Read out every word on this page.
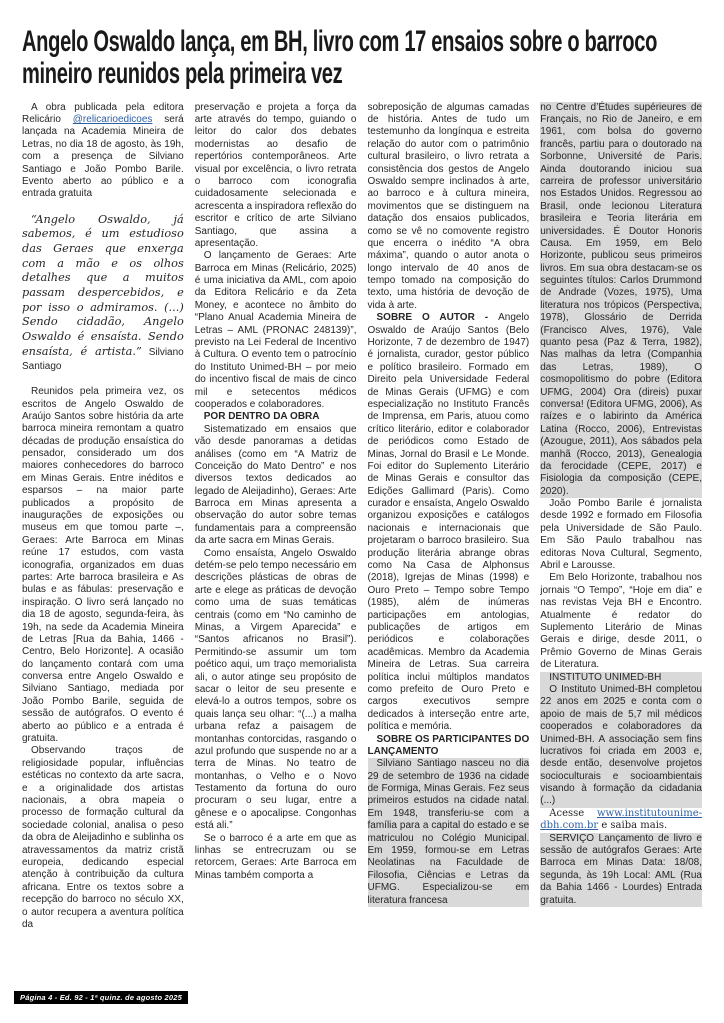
Angelo Oswaldo lança, em BH, livro com 17 ensaios sobre o barroco mineiro reunidos pela primeira vez

A obra publicada pela editora Relicário @relicarioedicoes será lançada na Academia Mineira de Letras, no dia 18 de agosto, às 19h, com a presença de Silviano Santiago e João Pombo Barile. Evento aberto ao público e a entrada gratuita

“Angelo Oswaldo, já sabemos, é um estudioso das Geraes que enxerga com a mão e os olhos detalhes que a muitos passam despercebidos, e por isso o admiramos. (...) Sendo cidadão, Angelo Oswaldo é ensaísta. Sendo ensaísta, é artista.” Silviano Santiago

Reunidos pela primeira vez, os escritos de Angelo Oswaldo de Araújo Santos sobre história da arte barroca mineira remontam a quatro décadas de produção ensaística do pensador, considerado um dos maiores conhecedores do barroco em Minas Gerais. Entre inéditos e esparsos – na maior parte publicados a propósito de inaugurações de exposições ou museus em que tomou parte –, Geraes: Arte Barroca em Minas reúne 17 estudos, com vasta iconografia, organizados em duas partes: Arte barroca brasileira e As bulas e as fábulas: preservação e inspiração. O livro será lançado no dia 18 de agosto, segunda-feira, às 19h, na sede da Academia Mineira de Letras [Rua da Bahia, 1466 - Centro, Belo Horizonte]. A ocasião do lançamento contará com uma conversa entre Angelo Oswaldo e Silviano Santiago, mediada por João Pombo Barile, seguida de sessão de autógrafos. O evento é aberto ao público e a entrada é gratuita.

Observando traços de religiosidade popular, influências estéticas no contexto da arte sacra, e a originalidade dos artistas nacionais, a obra mapeia o processo de formação cultural da sociedade colonial, analisa o peso da obra de Aleijadinho e sublinha os atravessamentos da matriz cristã europeia, dedicando especial atenção à contribuição da cultura africana. Entre os textos sobre a recepção do barroco no século XX, o autor recupera a aventura política da

preservação e projeta a força da arte através do tempo, guiando o leitor do calor dos debates modernistas ao desafio de repertórios contemporâneos. Arte visual por excelência, o livro retrata o barroco com iconografia cuidadosamente selecionada e acrescenta a inspiradora reflexão do escritor e crítico de arte Silviano Santiago, que assina a apresentação.

O lançamento de Geraes: Arte Barroca em Minas (Relicário, 2025) é uma iniciativa da AML, com apoio da Editora Relicário e da Zeta Money, e acontece no âmbito do “Plano Anual Academia Mineira de Letras – AML (PRONAC 248139)”, previsto na Lei Federal de Incentivo à Cultura. O evento tem o patrocínio do Instituto Unimed-BH – por meio do incentivo fiscal de mais de cinco mil e setecentos médicos cooperados e colaboradores.

POR DENTRO DA OBRA

Sistematizado em ensaios que vão desde panoramas a detidas análises (como em “A Matriz de Conceição do Mato Dentro” e nos diversos textos dedicados ao legado de Aleijadinho), Geraes: Arte Barroca em Minas apresenta a observação do autor sobre temas fundamentais para a compreensão da arte sacra em Minas Gerais.

Como ensaísta, Angelo Oswaldo detém-se pelo tempo necessário em descrições plásticas de obras de arte e elege as práticas de devoção como uma de suas temáticas centrais (como em “No caminho de Minas, a Virgem Aparecida” e “Santos africanos no Brasil”). Permitindo-se assumir um tom poético aqui, um traço memorialista ali, o autor atinge seu propósito de sacar o leitor de seu presente e elevá-lo a outros tempos, sobre os quais lança seu olhar: “(...) a malha urbana refaz a paisagem de montanhas contorcidas, rasgando o azul profundo que suspende no ar a terra de Minas. No teatro de montanhas, o Velho e o Novo Testamento da fortuna do ouro procuram o seu lugar, entre a gênese e o apocalipse. Congonhas está ali.”

Se o barroco é a arte em que as linhas se entrecruzam ou se retorcem, Geraes: Arte Barroca em Minas também comporta a

sobreposição de algumas camadas de história. Antes de tudo um testemunho da longínqua e estreita relação do autor com o patrimônio cultural brasileiro, o livro retrata a consistência dos gestos de Angelo Oswaldo sempre inclinados à arte, ao barroco e à cultura mineira, movimentos que se distinguem na datação dos ensaios publicados, como se vê no comovente registro que encerra o inédito “A obra máxima”, quando o autor anota o longo intervalo de 40 anos de tempo tomado na composição do texto, uma história de devoção de vida à arte.

SOBRE O AUTOR - Angelo Oswaldo de Araújo Santos (Belo Horizonte, 7 de dezembro de 1947) é jornalista, curador, gestor público e político brasileiro. Formado em Direito pela Universidade Federal de Minas Gerais (UFMG) e com especialização no Instituto Francês de Imprensa, em Paris, atuou como crítico literário, editor e colaborador de periódicos como Estado de Minas, Jornal do Brasil e Le Monde. Foi editor do Suplemento Literário de Minas Gerais e consultor das Edições Gallimard (Paris). Como curador e ensaísta, Angelo Oswaldo organizou exposições e catálogos nacionais e internacionais que projetaram o barroco brasileiro. Sua produção literária abrange obras como Na Casa de Alphonsus (2018), Igrejas de Minas (1998) e Ouro Preto – Tempo sobre Tempo (1985), além de inúmeras participações em antologias, publicações de artigos em periódicos e colaborações acadêmicas. Membro da Academia Mineira de Letras. Sua carreira política inclui múltiplos mandatos como prefeito de Ouro Preto e cargos executivos sempre dedicados à interseção entre arte, política e memória.

SOBRE OS PARTICIPANTES DO LANÇAMENTO

Silviano Santiago nasceu no dia 29 de setembro de 1936 na cidade de Formiga, Minas Gerais. Fez seus primeiros estudos na cidade natal. Em 1948, transferiu-se com a família para a capital do estado e se matriculou no Colégio Municipal. Em 1959, formou-se em Letras Neolatinas na Faculdade de Filosofia, Ciências e Letras da UFMG. Especializou-se em literatura francesa

no Centre d’Études supérieures de Français, no Rio de Janeiro, e em 1961, com bolsa do governo francês, partiu para o doutorado na Sorbonne, Université de Paris. Ainda doutorando iniciou sua carreira de professor universitário nos Estados Unidos. Regressou ao Brasil, onde lecionou Literatura brasileira e Teoria literária em universidades. É Doutor Honoris Causa. Em 1959, em Belo Horizonte, publicou seus primeiros livros. Em sua obra destacam-se os seguintes títulos: Carlos Drummond de Andrade (Vozes, 1975), Uma literatura nos trópicos (Perspectiva, 1978), Glossário de Derrida (Francisco Alves, 1976), Vale quanto pesa (Paz & Terra, 1982), Nas malhas da letra (Companhia das Letras, 1989), O cosmopolitismo do pobre (Editora UFMG, 2004) Ora (direis) puxar conversa! (Editora UFMG, 2006), As raízes e o labirinto da América Latina (Rocco, 2006), Entrevistas (Azougue, 2011), Aos sábados pela manhã (Rocco, 2013), Genealogia da ferocidade (CEPE, 2017) e Fisiologia da composição (CEPE, 2020).

João Pombo Barile é jornalista desde 1992 e formado em Filosofia pela Universidade de São Paulo. Em São Paulo trabalhou nas editoras Nova Cultural, Segmento, Abril e Larousse.

Em Belo Horizonte, trabalhou nos jornais “O Tempo”, “Hoje em dia” e nas revistas Veja BH e Encontro. Atualmente é redator do Suplemento Literário de Minas Gerais e dirige, desde 2011, o Prêmio Governo de Minas Gerais de Literatura.

INSTITUTO UNIMED-BH

O Instituto Unimed-BH completou 22 anos em 2025 e conta com o apoio de mais de 5,7 mil médicos cooperados e colaboradores da Unimed-BH. A associação sem fins lucrativos foi criada em 2003 e, desde então, desenvolve projetos socioculturais e socioambientais visando à formação da cidadania (...)

Acesse www.institutounime-dbh.com.br e saiba mais.

SERVIÇO Lançamento de livro e sessão de autógrafos Geraes: Arte Barroca em Minas Data: 18/08, segunda, às 19h Local: AML (Rua da Bahia 1466 - Lourdes) Entrada gratuita.

Página 4 - Ed. 92 - 1ª quinz. de agosto 2025
